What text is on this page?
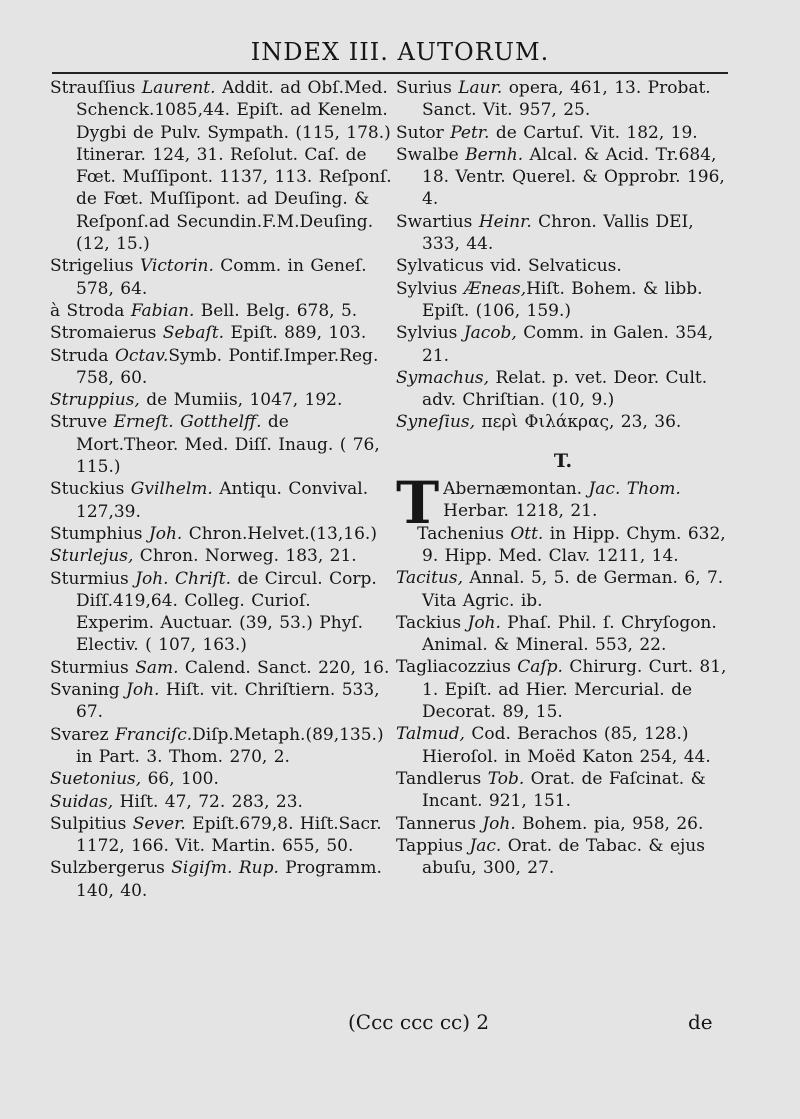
INDEX III. AUTORUM.

Strauſſius Laurent. Addit. ad Obſ.Med. Schenck.1085,44. Epiſt. ad Kenelm. Dygbi de Pulv. Sympath. (115, 178.) Itinerar. 124, 31. Reſolut. Caſ. de Fœt. Muſſipont. 1137, 113. Reſponſ. de Fœt. Muſſipont. ad Deuſing. & Reſponſ.ad Secundin.F.M.Deuſing. (12, 15.)

Strigelius Victorin. Comm. in Geneſ. 578, 64.

à Stroda Fabian. Bell. Belg. 678, 5.

Stromaierus Sebaſt. Epiſt. 889, 103.

Struda Octav.Symb. Pontif.Imper.Reg. 758, 60.

Struppius, de Mumiis, 1047, 192.

Struve Erneſt. Gotthelff. de Mort.Theor. Med. Diſſ. Inaug. ( 76, 115.)

Stuckius Gvilhelm. Antiqu. Convival. 127,39.

Stumphius Joh. Chron.Helvet.(13,16.)

Sturlejus, Chron. Norweg. 183, 21.

Sturmius Joh. Chriſt. de Circul. Corp. Diſſ.419,64. Colleg. Curioſ. Experim. Auctuar. (39, 53.) Phyſ. Electiv. ( 107, 163.)

Sturmius Sam. Calend. Sanct. 220, 16.

Svaning Joh. Hiſt. vit. Chriſtiern. 533, 67.

Svarez Franciſc.Diſp.Metaph.(89,135.) in Part. 3. Thom. 270, 2.

Suetonius, 66, 100.

Suidas, Hiſt. 47, 72. 283, 23.

Sulpitius Sever. Epiſt.679,8. Hiſt.Sacr. 1172, 166. Vit. Martin. 655, 50.

Sulzbergerus Sigiſm. Rup. Programm. 140, 40.

Surius Laur. opera, 461, 13. Probat. Sanct. Vit. 957, 25.

Sutor Petr. de Cartuſ. Vit. 182, 19.

Swalbe Bernh. Alcal. & Acid. Tr.684, 18. Ventr. Querel. & Opprobr. 196, 4.

Swartius Heinr. Chron. Vallis DEI, 333, 44.

Sylvaticus vid. Selvaticus.

Sylvius Æneas,Hiſt. Bohem. & libb. Epiſt. (106, 159.)

Sylvius Jacob, Comm. in Galen. 354, 21.

Symachus, Relat. p. vet. Deor. Cult. adv. Chriſtian. (10, 9.)

Syneſius, περὶ Φιλάκρας, 23, 36.

T.

T Abernæmontan. Jac. Thom. Herbar. 1218, 21.

Tachenius Ott. in Hipp. Chym. 632, 9. Hipp. Med. Clav. 1211, 14.

Tacitus, Annal. 5, 5. de German. 6, 7. Vita Agric. ib.

Tackius Joh. Phaſ. Phil. ſ. Chryſogon. Animal. & Mineral. 553, 22.

Tagliacozzius Caſp. Chirurg. Curt. 81, 1. Epiſt. ad Hier. Mercurial. de Decorat. 89, 15.

Talmud, Cod. Berachos (85, 128.) Hieroſol. in Moëd Katon 254, 44.

Tandlerus Tob. Orat. de Faſcinat. & Incant. 921, 151.

Tannerus Joh. Bohem. pia, 958, 26.

Tappius Jac. Orat. de Tabac. & ejus abuſu, 300, 27.

(Ccc ccc cc) 2	de
